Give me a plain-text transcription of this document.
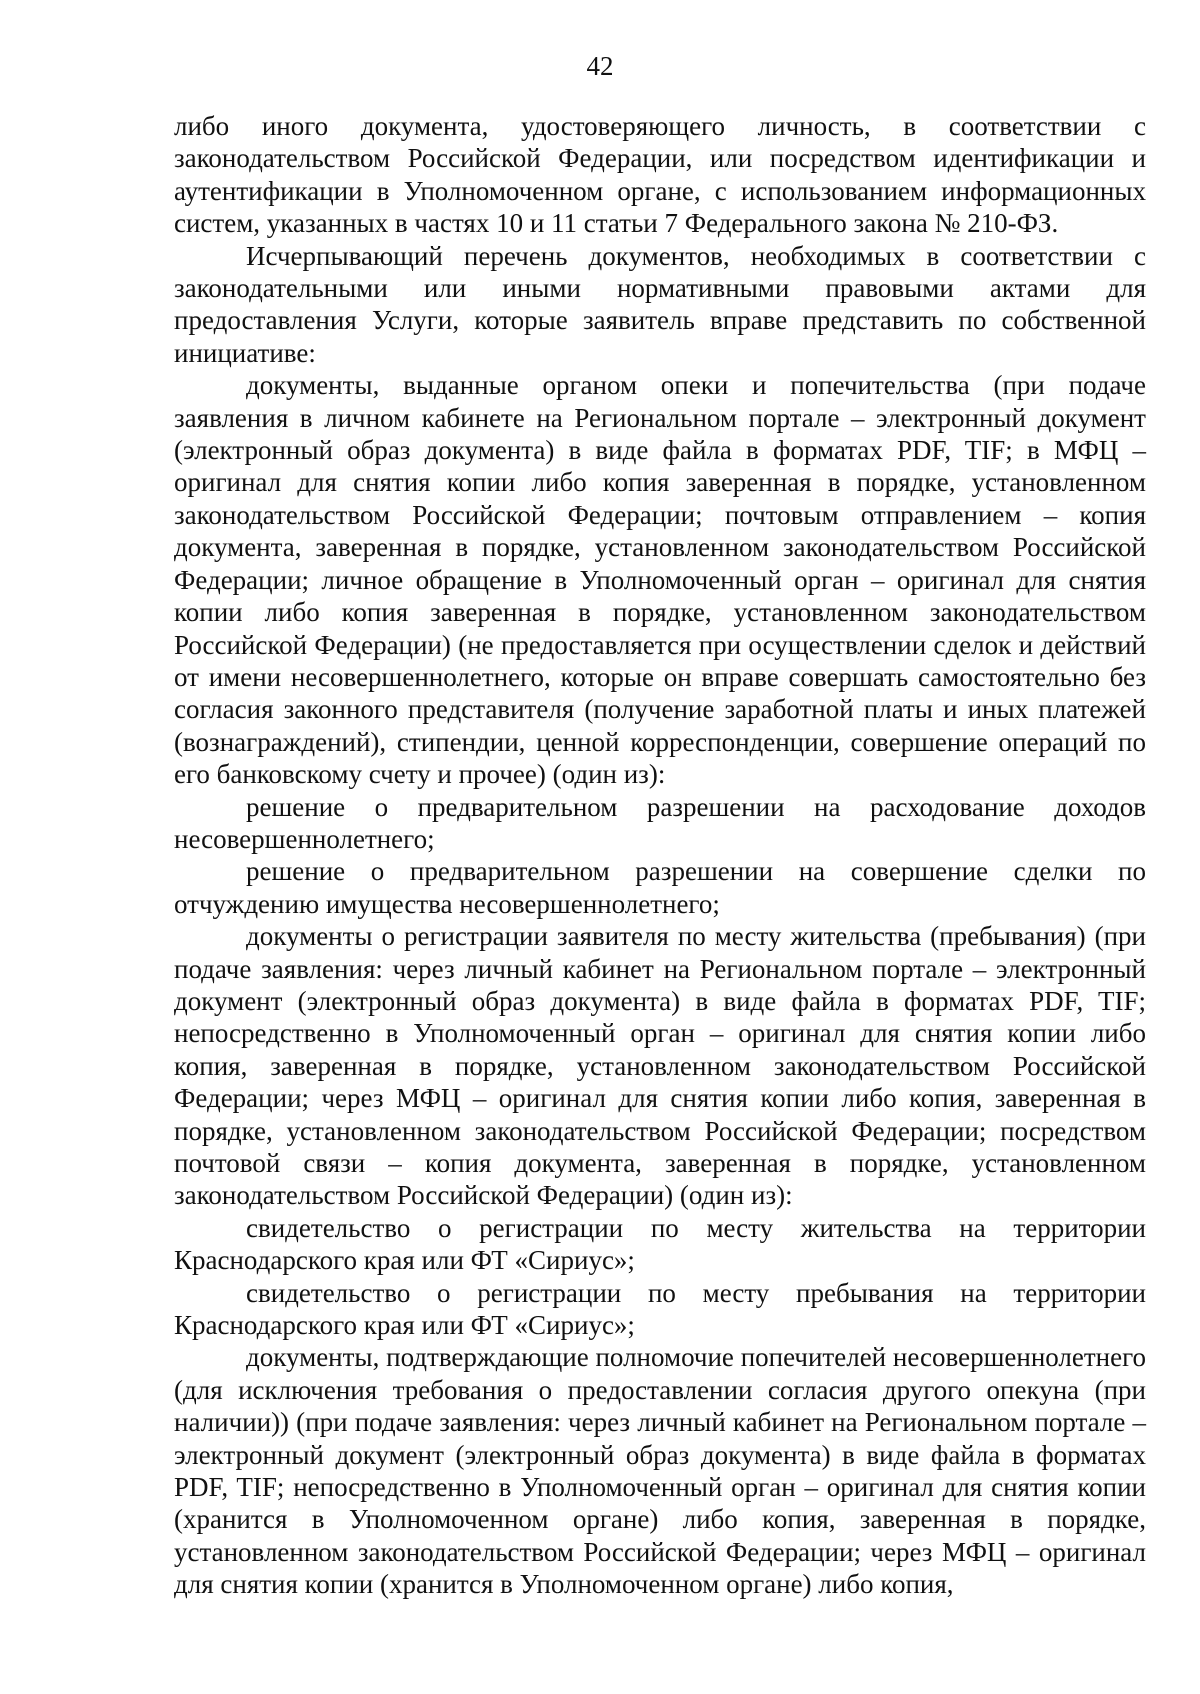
42

либо иного документа, удостоверяющего личность, в соответствии с законодательством Российской Федерации, или посредством идентификации и аутентификации в Уполномоченном органе, с использованием информационных систем, указанных в частях 10 и 11 статьи 7 Федерального закона № 210-ФЗ.

Исчерпывающий перечень документов, необходимых в соответствии с законодательными или иными нормативными правовыми актами для предоставления Услуги, которые заявитель вправе представить по собственной инициативе:

документы, выданные органом опеки и попечительства (при подаче заявления в личном кабинете на Региональном портале – электронный документ (электронный образ документа) в виде файла в форматах PDF, TIF; в МФЦ – оригинал для снятия копии либо копия заверенная в порядке, установленном законодательством Российской Федерации; почтовым отправлением – копия документа, заверенная в порядке, установленном законодательством Российской Федерации; личное обращение в Уполномоченный орган – оригинал для снятия копии либо копия заверенная в порядке, установленном законодательством Российской Федерации) (не предоставляется при осуществлении сделок и действий от имени несовершеннолетнего, которые он вправе совершать самостоятельно без согласия законного представителя (получение заработной платы и иных платежей (вознаграждений), стипендии, ценной корреспонденции, совершение операций по его банковскому счету и прочее) (один из):

решение о предварительном разрешении на расходование доходов несовершеннолетнего;

решение о предварительном разрешении на совершение сделки по отчуждению имущества несовершеннолетнего;

документы о регистрации заявителя по месту жительства (пребывания) (при подаче заявления: через личный кабинет на Региональном портале – электронный документ (электронный образ документа) в виде файла в форматах PDF, TIF; непосредственно в Уполномоченный орган – оригинал для снятия копии либо копия, заверенная в порядке, установленном законодательством Российской Федерации; через МФЦ – оригинал для снятия копии либо копия, заверенная в порядке, установленном законодательством Российской Федерации; посредством почтовой связи – копия документа, заверенная в порядке, установленном законодательством Российской Федерации) (один из):

свидетельство о регистрации по месту жительства на территории Краснодарского края или ФТ «Сириус»;

свидетельство о регистрации по месту пребывания на территории Краснодарского края или ФТ «Сириус»;

документы, подтверждающие полномочие попечителей несовершеннолетнего (для исключения требования о предоставлении согласия другого опекуна (при наличии)) (при подаче заявления: через личный кабинет на Региональном портале – электронный документ (электронный образ документа) в виде файла в форматах PDF, TIF; непосредственно в Уполномоченный орган – оригинал для снятия копии (хранится в Уполномоченном органе) либо копия, заверенная в порядке, установленном законодательством Российской Федерации; через МФЦ – оригинал для снятия копии (хранится в Уполномоченном органе) либо копия,
